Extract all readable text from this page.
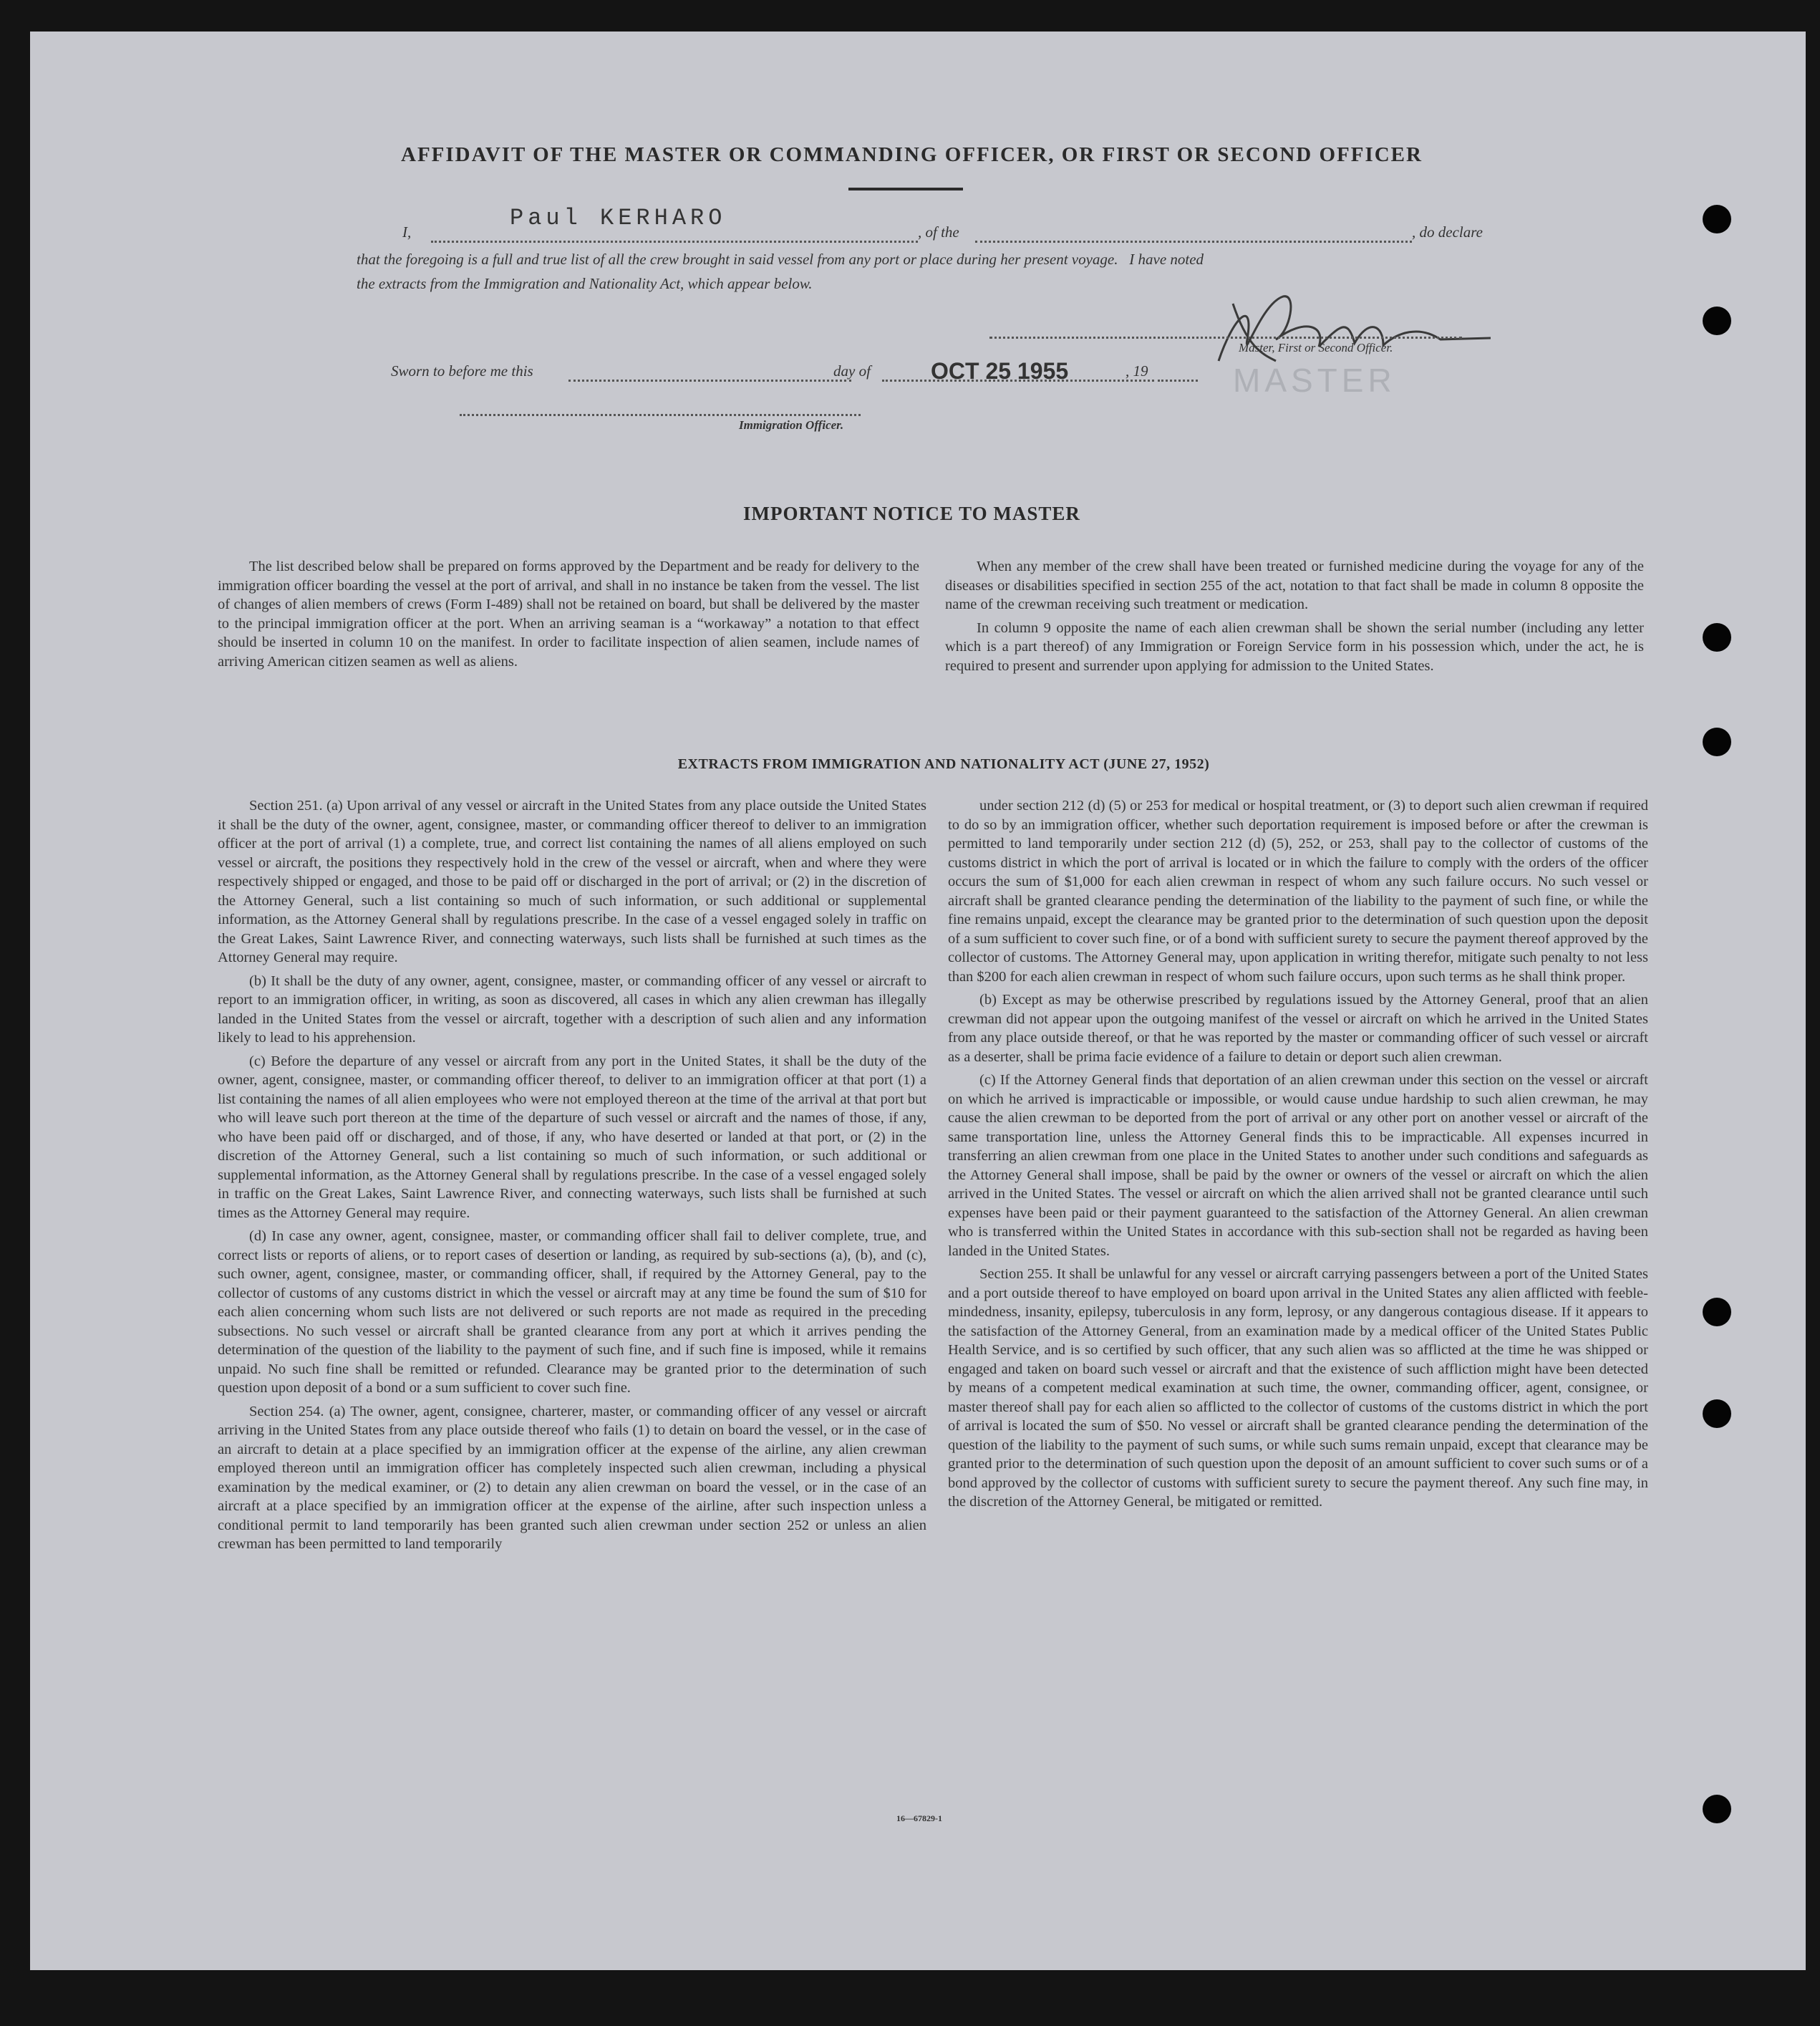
AFFIDAVIT OF THE MASTER OR COMMANDING OFFICER, OR FIRST OR SECOND OFFICER
I,
Paul KERHARO
, of the	, do declare
that the foregoing is a full and true list of all the crew brought in said vessel from any port or place during her present voyage.   I have noted
the extracts from the Immigration and Nationality Act, which appear below.
Master, First or Second Officer.
MASTER
Sworn to before me this	day of	OCT 25 1955	, 19
Immigration Officer.
IMPORTANT NOTICE TO MASTER

The list described below shall be prepared on forms approved by the Department and be ready for delivery to the immigration officer boarding the vessel at the port of arrival, and shall in no instance be taken from the vessel. The list of changes of alien members of crews (Form I-489) shall not be retained on board, but shall be delivered by the master to the principal immigration officer at the port. When an arriving seaman is a “workaway” a notation to that effect should be inserted in column 10 on the manifest. In order to facilitate inspection of alien seamen, include names of arriving American citizen seamen as well as aliens.

When any member of the crew shall have been treated or furnished medicine during the voyage for any of the diseases or disabilities specified in section 255 of the act, notation to that fact shall be made in column 8 opposite the name of the crewman receiving such treatment or medication.

In column 9 opposite the name of each alien crewman shall be shown the serial number (including any letter which is a part thereof) of any Immigration or Foreign Service form in his possession which, under the act, he is required to present and surrender upon applying for admission to the United States.

EXTRACTS FROM IMMIGRATION AND NATIONALITY ACT (JUNE 27, 1952)

Section 251. (a) Upon arrival of any vessel or aircraft in the United States from any place outside the United States it shall be the duty of the owner, agent, consignee, master, or commanding officer thereof to deliver to an immigration officer at the port of arrival (1) a complete, true, and correct list containing the names of all aliens employed on such vessel or aircraft, the positions they respectively hold in the crew of the vessel or aircraft, when and where they were respectively shipped or engaged, and those to be paid off or discharged in the port of arrival; or (2) in the discretion of the Attorney General, such a list containing so much of such information, or such additional or supplemental information, as the Attorney General shall by regulations prescribe. In the case of a vessel engaged solely in traffic on the Great Lakes, Saint Lawrence River, and connecting waterways, such lists shall be furnished at such times as the Attorney General may require.

(b) It shall be the duty of any owner, agent, consignee, master, or commanding officer of any vessel or aircraft to report to an immigration officer, in writing, as soon as discovered, all cases in which any alien crewman has illegally landed in the United States from the vessel or aircraft, together with a description of such alien and any information likely to lead to his apprehension.

(c) Before the departure of any vessel or aircraft from any port in the United States, it shall be the duty of the owner, agent, consignee, master, or commanding officer thereof, to deliver to an immigration officer at that port (1) a list containing the names of all alien employees who were not employed thereon at the time of the arrival at that port but who will leave such port thereon at the time of the departure of such vessel or aircraft and the names of those, if any, who have been paid off or discharged, and of those, if any, who have deserted or landed at that port, or (2) in the discretion of the Attorney General, such a list containing so much of such information, or such additional or supplemental information, as the Attorney General shall by regulations prescribe. In the case of a vessel engaged solely in traffic on the Great Lakes, Saint Lawrence River, and connecting waterways, such lists shall be furnished at such times as the Attorney General may require.

(d) In case any owner, agent, consignee, master, or commanding officer shall fail to deliver complete, true, and correct lists or reports of aliens, or to report cases of desertion or landing, as required by sub-sections (a), (b), and (c), such owner, agent, consignee, master, or commanding officer, shall, if required by the Attorney General, pay to the collector of customs of any customs district in which the vessel or aircraft may at any time be found the sum of $10 for each alien concerning whom such lists are not delivered or such reports are not made as required in the preceding subsections. No such vessel or aircraft shall be granted clearance from any port at which it arrives pending the determination of the question of the liability to the payment of such fine, and if such fine is imposed, while it remains unpaid. No such fine shall be remitted or refunded. Clearance may be granted prior to the determination of such question upon deposit of a bond or a sum sufficient to cover such fine.

Section 254. (a) The owner, agent, consignee, charterer, master, or commanding officer of any vessel or aircraft arriving in the United States from any place outside thereof who fails (1) to detain on board the vessel, or in the case of an aircraft to detain at a place specified by an immigration officer at the expense of the airline, any alien crewman employed thereon until an immigration officer has completely inspected such alien crewman, including a physical examination by the medical examiner, or (2) to detain any alien crewman on board the vessel, or in the case of an aircraft at a place specified by an immigration officer at the expense of the airline, after such inspection unless a conditional permit to land temporarily has been granted such alien crewman under section 252 or unless an alien crewman has been permitted to land temporarily

under section 212 (d) (5) or 253 for medical or hospital treatment, or (3) to deport such alien crewman if required to do so by an immigration officer, whether such deportation requirement is imposed before or after the crewman is permitted to land temporarily under section 212 (d) (5), 252, or 253, shall pay to the collector of customs of the customs district in which the port of arrival is located or in which the failure to comply with the orders of the officer occurs the sum of $1,000 for each alien crewman in respect of whom any such failure occurs. No such vessel or aircraft shall be granted clearance pending the determination of the liability to the payment of such fine, or while the fine remains unpaid, except the clearance may be granted prior to the determination of such question upon the deposit of a sum sufficient to cover such fine, or of a bond with sufficient surety to secure the payment thereof approved by the collector of customs. The Attorney General may, upon application in writing therefor, mitigate such penalty to not less than $200 for each alien crewman in respect of whom such failure occurs, upon such terms as he shall think proper.

(b) Except as may be otherwise prescribed by regulations issued by the Attorney General, proof that an alien crewman did not appear upon the outgoing manifest of the vessel or aircraft on which he arrived in the United States from any place outside thereof, or that he was reported by the master or commanding officer of such vessel or aircraft as a deserter, shall be prima facie evidence of a failure to detain or deport such alien crewman.

(c) If the Attorney General finds that deportation of an alien crewman under this section on the vessel or aircraft on which he arrived is impracticable or impossible, or would cause undue hardship to such alien crewman, he may cause the alien crewman to be deported from the port of arrival or any other port on another vessel or aircraft of the same transportation line, unless the Attorney General finds this to be impracticable. All expenses incurred in transferring an alien crewman from one place in the United States to another under such conditions and safeguards as the Attorney General shall impose, shall be paid by the owner or owners of the vessel or aircraft on which the alien arrived in the United States. The vessel or aircraft on which the alien arrived shall not be granted clearance until such expenses have been paid or their payment guaranteed to the satisfaction of the Attorney General. An alien crewman who is transferred within the United States in accordance with this sub-section shall not be regarded as having been landed in the United States.

Section 255. It shall be unlawful for any vessel or aircraft carrying passengers between a port of the United States and a port outside thereof to have employed on board upon arrival in the United States any alien afflicted with feeble-mindedness, insanity, epilepsy, tuberculosis in any form, leprosy, or any dangerous contagious disease. If it appears to the satisfaction of the Attorney General, from an examination made by a medical officer of the United States Public Health Service, and is so certified by such officer, that any such alien was so afflicted at the time he was shipped or engaged and taken on board such vessel or aircraft and that the existence of such affliction might have been detected by means of a competent medical examination at such time, the owner, commanding officer, agent, consignee, or master thereof shall pay for each alien so afflicted to the collector of customs of the customs district in which the port of arrival is located the sum of $50. No vessel or aircraft shall be granted clearance pending the determination of the question of the liability to the payment of such sums, or while such sums remain unpaid, except that clearance may be granted prior to the determination of such question upon the deposit of an amount sufficient to cover such sums or of a bond approved by the collector of customs with sufficient surety to secure the payment thereof. Any such fine may, in the discretion of the Attorney General, be mitigated or remitted.

16—67829-1
